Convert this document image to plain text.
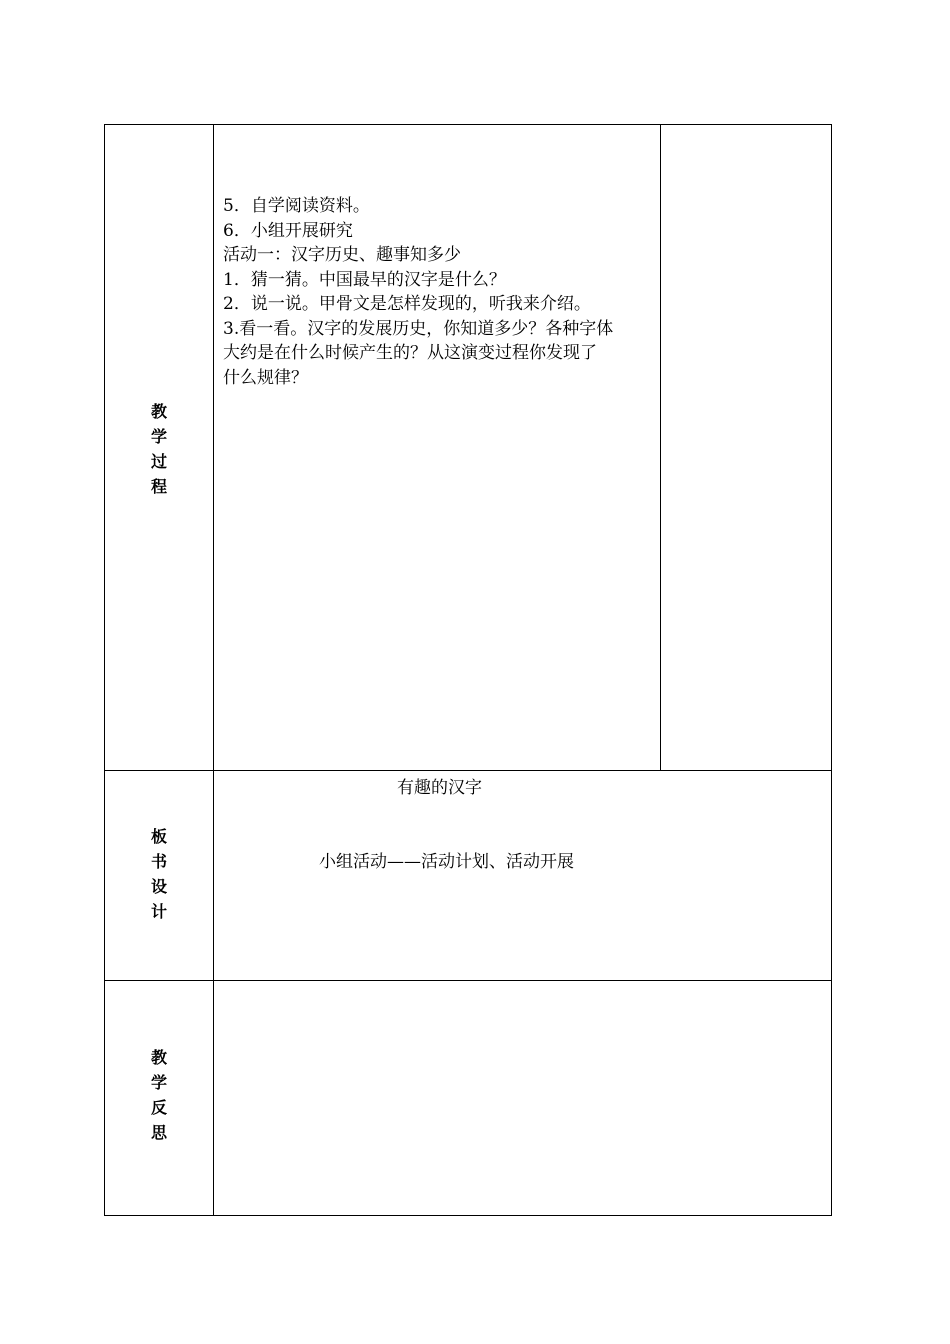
教
学
过
程
5．自学阅读资料。
6．小组开展研究
活动一：汉字历史、趣事知多少
1．猜一猜。中国最早的汉字是什么？
2．说一说。甲骨文是怎样发现的，听我来介绍。
3.看一看。汉字的发展历史，你知道多少？各种字体
大约是在什么时候产生的？从这演变过程你发现了
什么规律？
板
书
设
计
有趣的汉字
小组活动——活动计划、活动开展
教
学
反
思
